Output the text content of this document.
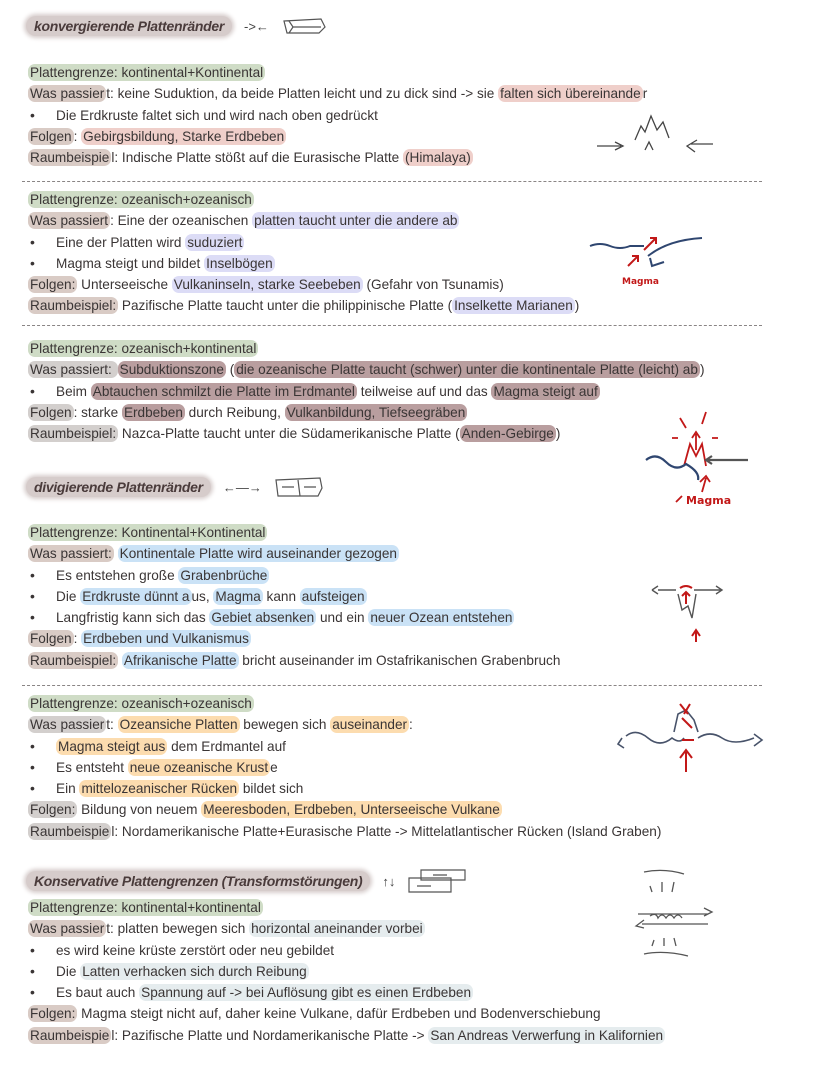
konvergierende Plattenränder	->←
divigierende Plattenränder	←—→
Konservative Plattengrenzen (Transformstörungen)	↑↓
Plattengrenze: kontinental+Kontinental
Was passier t: keine Suduktion, da beide Platten leicht und zu dick sind -> sie falten sich übereinande r
• Die Erdkruste faltet sich und wird nach oben gedrückt
Folgen : Gebirgsbildung, Starke Erdbeben
Raumbeispie l: Indische Platte stößt auf die Eurasische Platte (Himalaya)
Plattengrenze: ozeanisch+ozeanisch
Was passiert : Eine der ozeanischen platten taucht unter die andere ab
• Eine der Platten wird suduziert
• Magma steigt und bildet Inselbögen
Folgen: Unterseeische Vulkaninseln, starke Seebeben (Gefahr von Tsunamis)
Raumbeispiel: Pazifische Platte taucht unter die philippinische Platte ( Inselkette Marianen )
Plattengrenze: ozeanisch+kontinental
Was passiert: Subduktionszone ( die ozeanische Platte taucht (schwer) unter die kontinentale Platte (leicht) ab )
• Beim Abtauchen schmilzt die Platte im Erdmantel teilweise auf und das Magma steigt auf
Folgen : starke Erdbeben durch Reibung, Vulkanbildung, Tiefseegräben
Raumbeispiel: Nazca-Platte taucht unter die Südamerikanische Platte ( Anden-Gebirge )
Plattengrenze: Kontinental+Kontinental
Was passiert: Kontinentale Platte wird auseinander gezogen
• Es entstehen große Grabenbrüche
• Die Erdkruste dünnt a us, Magma kann aufsteigen
• Langfristig kann sich das Gebiet absenken und ein neuer Ozean entstehen
Folgen : Erdbeben und Vulkanismus
Raumbeispiel: Afrikanische Platte bricht auseinander im Ostafrikanischen Grabenbruch
Plattengrenze: ozeanisch+ozeanisch
Was passier t: Ozeansiche Platten bewegen sich auseinander :
• Magma steigt aus dem Erdmantel auf
• Es entsteht neue ozeanische Krust e
• Ein mittelozeanischer Rücken bildet sich
Folgen: Bildung von neuem Meeresboden, Erdbeben, Unterseeische Vulkane
Raumbeispie l: Nordamerikanische Platte+Eurasische Platte -> Mittelatlantischer Rücken (Island Graben)
Plattengrenze: kontinental+kontinental
Was passier t: platten bewegen sich horizontal aneinander vorbei
• es wird keine krüste zerstört oder neu gebildet
• Die Latten verhacken sich durch Reibung
• Es baut auch Spannung auf -> bei Auflösung gibt es einen Erdbeben
Folgen: Magma steigt nicht auf, daher keine Vulkane, dafür Erdbeben und Bodenverschiebung
Raumbeispie l: Pazifische Platte und Nordamerikanische Platte -> San Andreas Verwerfung in Kalifornien
Magma
Magma
